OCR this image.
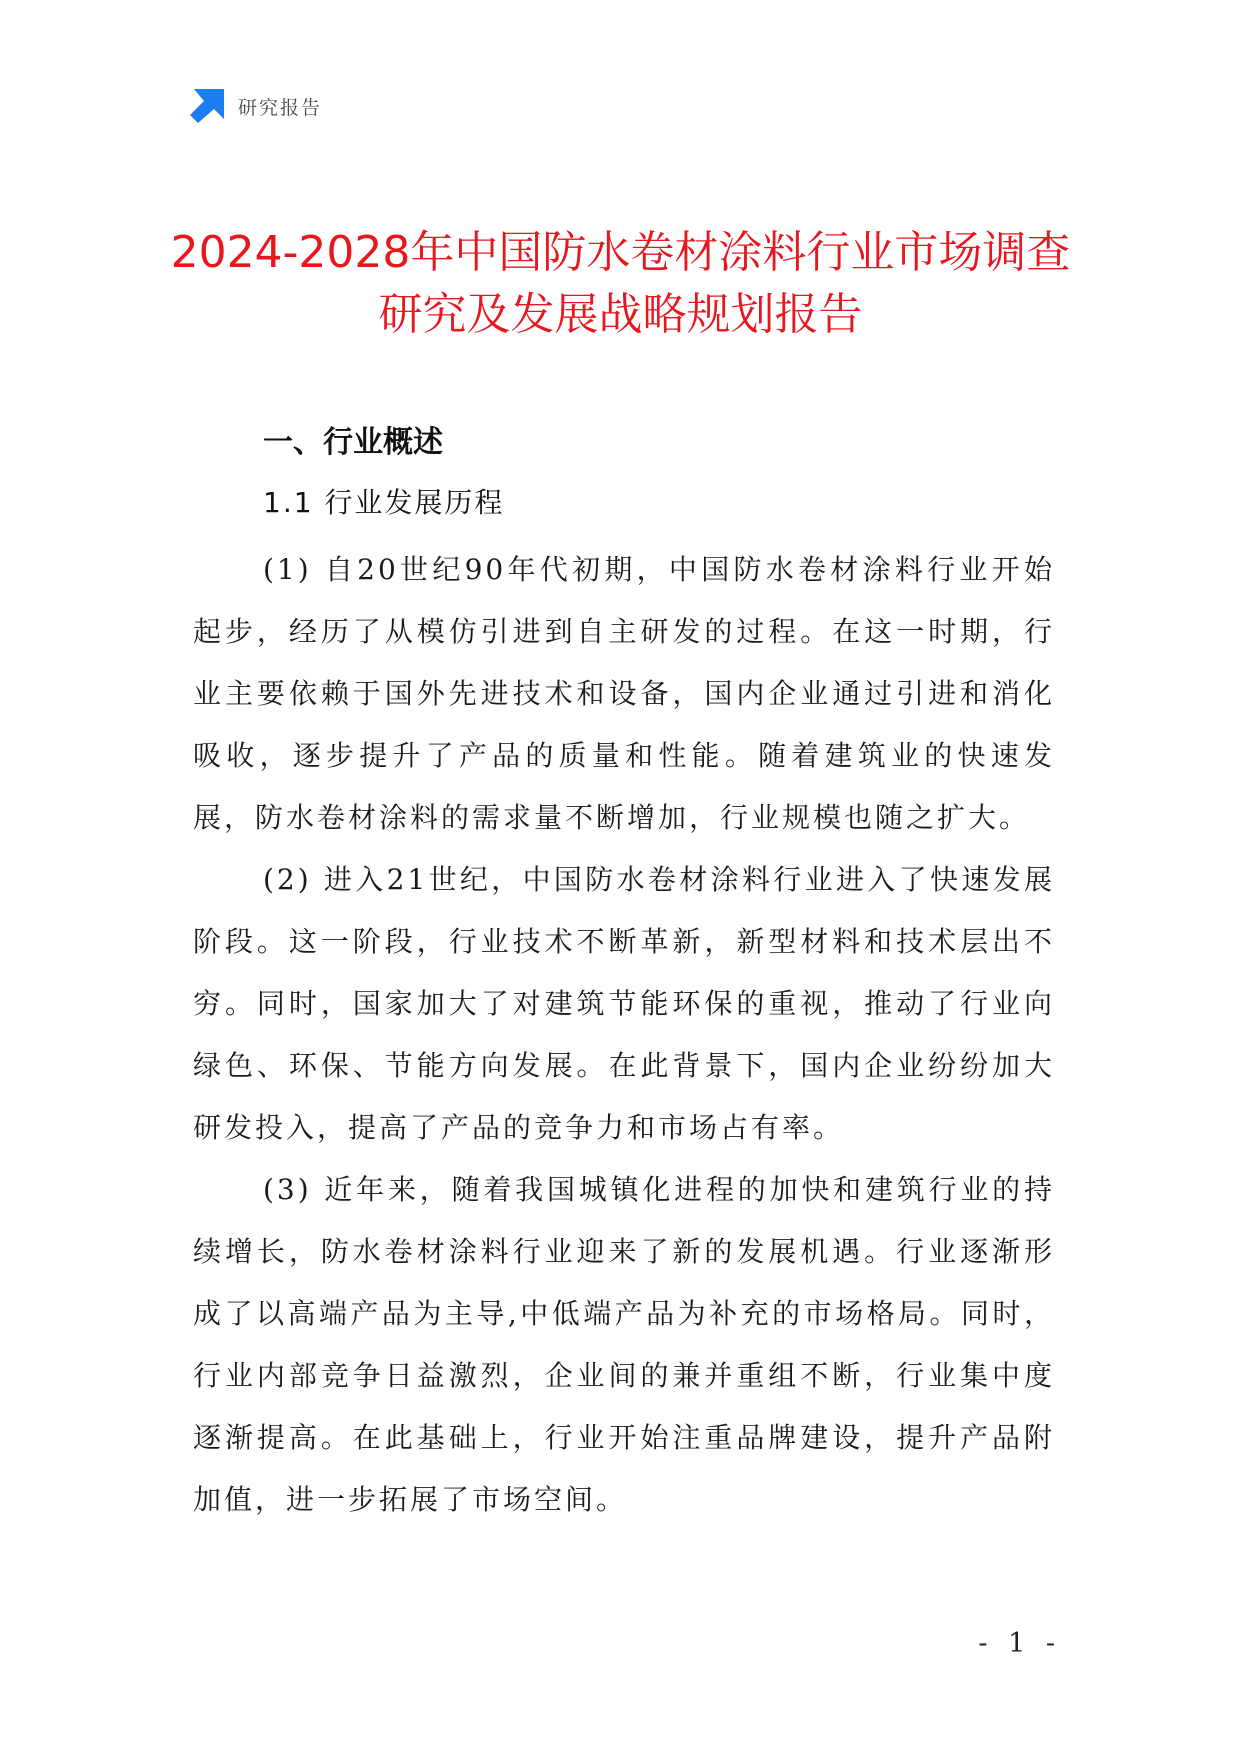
研究报告
2024-2028年中国防水卷材涂料行业市场调查研究及发展战略规划报告
一、行业概述
1.1 行业发展历程

(1) 自20世纪90年代初期，中国防水卷材涂料行业开始起步，经历了从模仿引进到自主研发的过程。在这一时期，行业主要依赖于国外先进技术和设备，国内企业通过引进和消化吸收，逐步提升了产品的质量和性能。随着建筑业的快速发展，防水卷材涂料的需求量不断增加，行业规模也随之扩大。

(2) 进入21世纪，中国防水卷材涂料行业进入了快速发展阶段。这一阶段，行业技术不断革新，新型材料和技术层出不穷。同时，国家加大了对建筑节能环保的重视，推动了行业向绿色、环保、节能方向发展。在此背景下，国内企业纷纷加大研发投入，提高了产品的竞争力和市场占有率。

(3) 近年来，随着我国城镇化进程的加快和建筑行业的持续增长，防水卷材涂料行业迎来了新的发展机遇。行业逐渐形成了以高端产品为主导,中低端产品为补充的市场格局。同时，行业内部竞争日益激烈，企业间的兼并重组不断，行业集中度逐渐提高。在此基础上，行业开始注重品牌建设，提升产品附加值，进一步拓展了市场空间。

- 1 -
